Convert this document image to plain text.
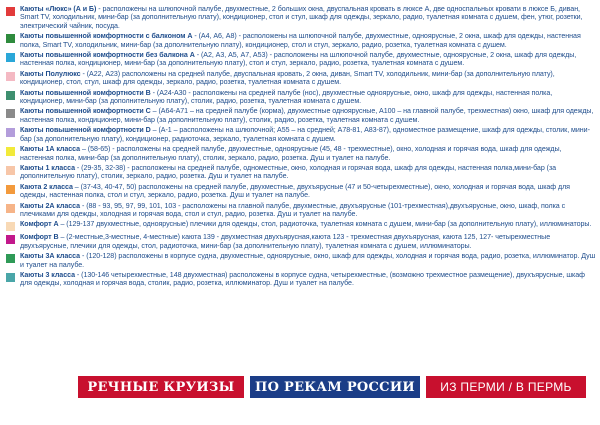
Каюты «Люкс» (А и Б) - расположены на шлюпочной палубе, двухместные, 2 больших окна, двуспальная кровать в люксе А, две односпальных кровати в люксе Б, диван, Smart TV, холодильник, мини-бар (за дополнительную плату), кондиционер, стол и стул, шкаф для одежды, зеркало, радио, туалетная комната с душем, фен, утюг, розетки, электрический чайник, посуда.
Каюты повышенной комфортности с балконом А - (А4, А6, А8) - расположены на шлюпочной палубе, двухместные, одноярусные, 2 окна, шкаф для одежды, настенная полка, Smart TV, холодильник, мини-бар (за дополнительную плату), кондиционер, стол и стул, зеркало, радио, розетка, туалетная комната с душем.
Каюты повышенной комфортности без балкона А - (А2, А3, А5, А7, А53) - расположены на шлюпочной палубе, двухместные, одноярусные, 2 окна, шкаф для одежды, настенная полка, кондиционер, мини-бар (за дополнительную плату), стол и стул, зеркало, радио, розетка, туалетная комната с душем.
Каюты Полулюкс - (А22, А23) расположены на средней палубе, двуспальная кровать, 2 окна, диван, Smart TV, холодильник, мини-бар (за дополнительную плату), кондиционер, стол, стул, шкаф для одежды, зеркало, радио, розетка, туалетная комната с душем.
Каюты повышенной комфортности В - (А24-А30 - расположены на средней палубе (нос), двухместные одноярусные, окно, шкаф для одежды, настенная полка, кондиционер, мини-бар (за дополнительную плату), столик, радио, розетка, туалетная комната с душем.
Каюты повышенной комфортности С – (А64-А71 – на средней палубе (корма), двухместные одноярусные, А100 – на главной палубе, трехместная) окно, шкаф для одежды, настенная полка, кондиционер, мини-бар (за дополнительную плату), столик, радио, розетка, туалетная комната с душем.
Каюты повышенной комфортности D – (А-1 – расположены на шлюпочной; А55 – на средней; А78-81, А83-87), одноместное размещение, шкаф для одежды, столик, мини-бар (за дополнительную плату), кондиционер, радиоточка, зеркало, туалетная комната с душем.
Каюты 1А класса – (58-65) - расположены на средней палубе, двухместные, одноярусные (45, 48 - трехместные), окно, холодная и горячая вода, шкаф для одежды, настенная полка, мини-бар (за дополнительную плату), столик, зеркало, радио, розетка. Душ и туалет на палубе.
Каюты 1 класса - (29-35, 32-38) - расположены на средней палубе, одноместные, окно, холодная и горячая вода, шкаф для одежды, настенная полка,мини-бар (за дополнительную плату), столик, зеркало, радио, розетка. Душ и туалет на палубе.
Каюта 2 класса – (37-43, 40-47, 50) расположены на средней палубе, двухместные, двухъярусные (47 и 50-четырехместные), окно, холодная и горячая вода, шкаф для одежды, настенная полка, стол и стул, зеркало, радио, розетка. Душ и туалет на палубе.
Каюты 2А класса - (88 - 93, 95, 97, 99, 101, 103 - расположены на главной палубе, двухместные, двухъярусные (101-трехместная),двухъярусные, окно, шкаф, полка с плечиками для одежды, холодная и горячая вода, стол и стул, радио, розетка. Душ и туалет на палубе.
Комфорт А – (129-137 двухместные, одноярусные) плечики для одежды, стол, радиоточка, туалетная комната с душем, мини-бар (за дополнительную плату), иллюминаторы.
Комфорт В – (2-местные,3-местные, 4-местные) каюта 139 - двухместная двухъярусная,каюта 123 - трехместная двухъярусная, каюта 125, 127- четырехместные двухъярусные, плечики для одежды, стол, радиоточка, мини-бар (за дополнительную плату), туалетная комната с душем, иллюминаторы.
Каюты 3А класса - (120-128) расположены в корпусе судна, двухместные, одноярусные, окно, шкаф для одежды, холодная и горячая вода, радио, розетка, иллюминатор. Душ и туалет на палубе.
Каюты 3 класса - (130-146 четырехместные, 148 двухместная) расположены в корпусе судна, четырехместные, (возможно трехместное размещение), двухъярусные, шкаф для одежды, холодная и горячая вода, столик, радио, розетка, иллюминатор. Душ и туалет на палубе.
РЕЧНЫЕ КРУИЗЫ	ПО РЕКАМ РОССИИ	ИЗ ПЕРМИ / В ПЕРМЬ
